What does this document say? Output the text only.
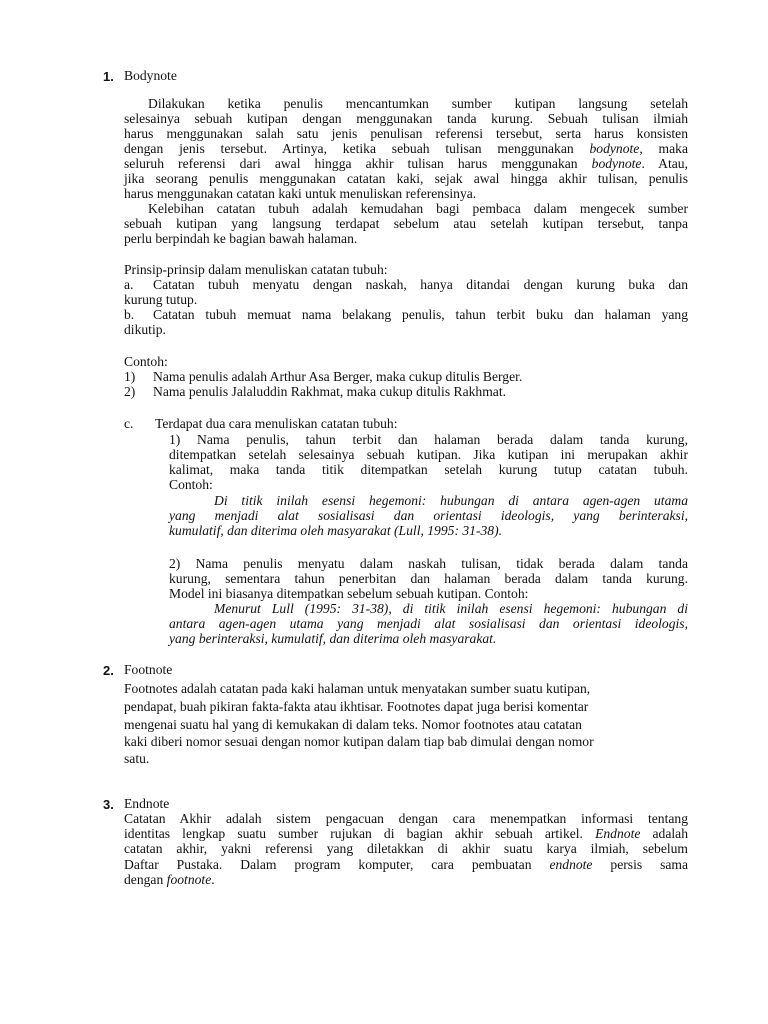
1. Bodynote
Dilakukan ketika penulis mencantumkan sumber kutipan langsung setelah
selesainya sebuah kutipan dengan menggunakan tanda kurung. Sebuah tulisan ilmiah
harus menggunakan salah satu jenis penulisan referensi tersebut, serta harus konsisten
dengan jenis tersebut. Artinya, ketika sebuah tulisan menggunakan bodynote, maka
seluruh referensi dari awal hingga akhir tulisan harus menggunakan bodynote. Atau,
jika seorang penulis menggunakan catatan kaki, sejak awal hingga akhir tulisan, penulis
harus menggunakan catatan kaki untuk menuliskan referensinya.
Kelebihan catatan tubuh adalah kemudahan bagi pembaca dalam mengecek sumber
sebuah kutipan yang langsung terdapat sebelum atau setelah kutipan tersebut, tanpa
perlu berpindah ke bagian bawah halaman.
Prinsip-prinsip dalam menuliskan catatan tubuh:
a. Catatan tubuh menyatu dengan naskah, hanya ditandai dengan kurung buka dan
kurung tutup.
b. Catatan tubuh memuat nama belakang penulis, tahun terbit buku dan halaman yang
dikutip.
Contoh:
1) Nama penulis adalah Arthur Asa Berger, maka cukup ditulis Berger.
2) Nama penulis Jalaluddin Rakhmat, maka cukup ditulis Rakhmat.
c. Terdapat dua cara menuliskan catatan tubuh:
1) Nama penulis, tahun terbit dan halaman berada dalam tanda kurung,
ditempatkan setelah selesainya sebuah kutipan. Jika kutipan ini merupakan akhir
kalimat, maka tanda titik ditempatkan setelah kurung tutup catatan tubuh.
Contoh:
Di titik inilah esensi hegemoni: hubungan di antara agen-agen utama
yang menjadi alat sosialisasi dan orientasi ideologis, yang berinteraksi,
kumulatif, dan diterima oleh masyarakat (Lull, 1995: 31-38).
2) Nama penulis menyatu dalam naskah tulisan, tidak berada dalam tanda
kurung, sementara tahun penerbitan dan halaman berada dalam tanda kurung.
Model ini biasanya ditempatkan sebelum sebuah kutipan. Contoh:
Menurut Lull (1995: 31-38), di titik inilah esensi hegemoni: hubungan di
antara agen-agen utama yang menjadi alat sosialisasi dan orientasi ideologis,
yang berinteraksi, kumulatif, dan diterima oleh masyarakat.
2. Footnote
Footnotes adalah catatan pada kaki halaman untuk menyatakan sumber suatu kutipan,
pendapat, buah pikiran fakta-fakta atau ikhtisar. Footnotes dapat juga berisi komentar
mengenai suatu hal yang di kemukakan di dalam teks. Nomor footnotes atau catatan
kaki diberi nomor sesuai dengan nomor kutipan dalam tiap bab dimulai dengan nomor
satu.
3. Endnote
Catatan Akhir adalah sistem pengacuan dengan cara menempatkan informasi tentang
identitas lengkap suatu sumber rujukan di bagian akhir sebuah artikel. Endnote adalah
catatan akhir, yakni referensi yang diletakkan di akhir suatu karya ilmiah, sebelum
Daftar Pustaka. Dalam program komputer, cara pembuatan endnote persis sama
dengan footnote.
